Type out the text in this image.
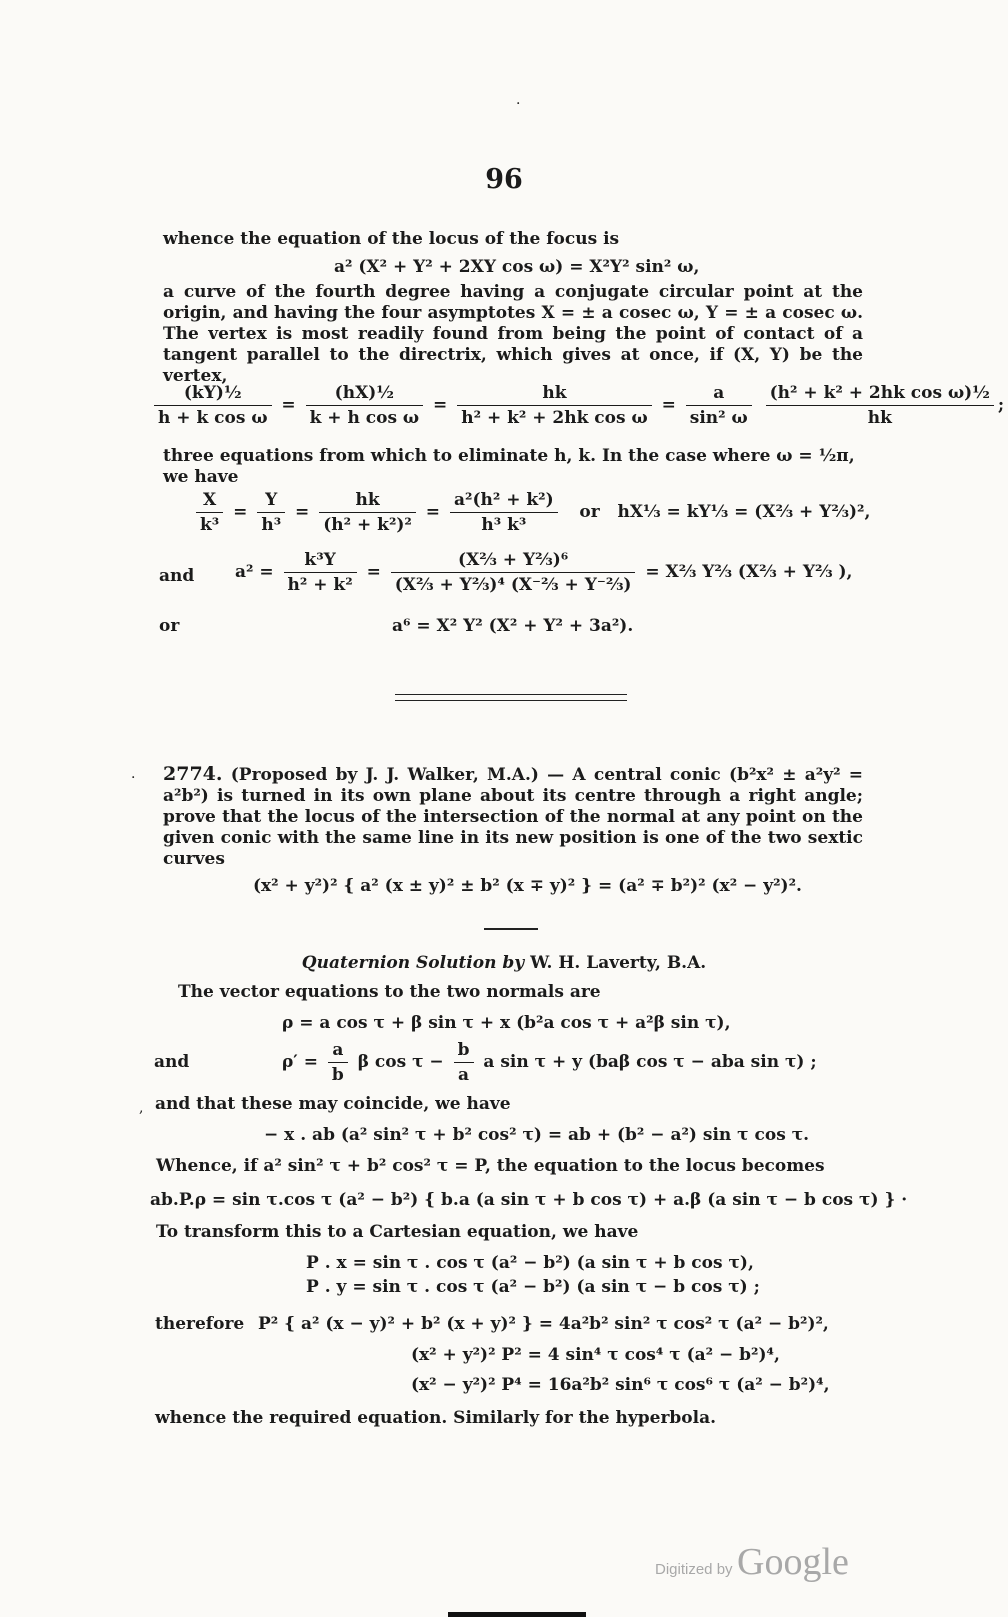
96
·
whence the equation of the locus of the focus is
a² (X² + Y² + 2XY cos ω) = X²Y² sin² ω,
a curve of the fourth degree having a conjugate circular point at the origin, and having the four asymptotes X = ± a cosec ω, Y = ± a cosec ω. The vertex is most readily found from being the point of contact of a tangent parallel to the directrix, which gives at once, if (X, Y) be the vertex,
$\frac{\text{(kY)½}}{\text{h + k cos ω}} = \frac{\text{(hX)½}}{\text{k + h cos ω}} = \frac{hk}{\text{h² + k² + 2hk cos ω}} = \frac{a}{\text{sin² ω}}$
$\frac{\text{(h² + k² + 2hk cos ω)½}}{hk}$ ;
three equations from which to eliminate h, k. In the case where ω = ½π,
we have
$\frac{X}{\text{k³}} = \frac{Y}{\text{h³}} = \frac{hk}{\text{(h² + k²)²}} = \frac{\text{a²(h² + k²)}}{\text{h³ k³}}$ or hX⅓ = kY⅓ = (X⅔ + Y⅔)²,
and $a^2 = \frac{\text{k³Y}}{\text{h² + k²}} = \frac{\text{(X⅔ + Y⅔)⁶}}{\text{(X⅔ + Y⅔)⁴ (X⁻⅔ + Y⁻⅔)}}$ = X⅔ Y⅔ (X⅔ + Y⅔ ),
or	a⁶ = X² Y² (X² + Y² + 3a²).
· 2774. (Proposed by J. J. Walker, M.A.) — A central conic (b²x² ± a²y² = a²b²) is turned in its own plane about its centre through a right angle; prove that the locus of the intersection of the normal at any point on the given conic with the same line in its new position is one of the two sextic curves
(x² + y²)² { a² (x ± y)² ± b² (x ∓ y)² } = (a² ∓ b²)² (x² − y²)².
Quaternion Solution by W. H. Laverty, B.A.
The vector equations to the two normals are
ρ = a cos τ + β sin τ + x (b²a cos τ + a²β sin τ),
and	$\rho' = \frac{a}{b}$ β $\cos \tau - \frac{b}{a}$ a sin τ + y (baβ cos τ − aba sin τ) ;
, and that these may coincide, we have
− x . ab (a² sin² τ + b² cos² τ) = ab + (b² − a²) sin τ cos τ.
Whence, if a² sin² τ + b² cos² τ = P, the equation to the locus becomes
ab.P.ρ = sin τ.cos τ (a² − b²) { b.a (a sin τ + b cos τ) + a.β (a sin τ − b cos τ) } ·
To transform this to a Cartesian equation, we have
P . x = sin τ . cos τ (a² − b²) (a sin τ + b cos τ),
P . y = sin τ . cos τ (a² − b²) (a sin τ − b cos τ) ;
therefore P² { a² (x − y)² + b² (x + y)² } = 4a²b² sin² τ cos² τ (a² − b²)²,
(x² + y²)² P² = 4 sin⁴ τ cos⁴ τ (a² − b²)⁴,
(x² − y²)² P⁴ = 16a²b² sin⁶ τ cos⁶ τ (a² − b²)⁴,
whence the required equation. Similarly for the hyperbola.
Digitized by Google
